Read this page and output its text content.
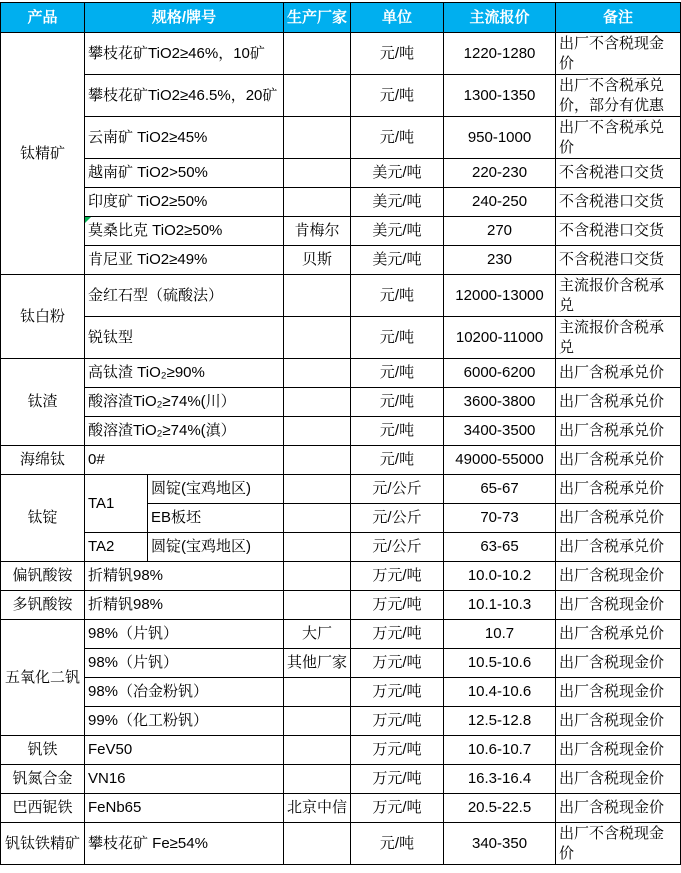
产品	规格/牌号		生产厂家	单位	主流报价	备注
钛精矿	攀枝花矿TiO2≥46%，10矿			元/吨	1220-1280	出厂不含税现金价
	攀枝花矿TiO2≥46.5%，20矿			元/吨	1300-1350	出厂不含税承兑价，部分有优惠
	云南矿 TiO2≥45%			元/吨	950-1000	出厂不含税承兑价
	越南矿 TiO2>50%			美元/吨	220-230	不含税港口交货
	印度矿 TiO2≥50%			美元/吨	240-250	不含税港口交货
	莫桑比克 TiO2≥50%		肯梅尔	美元/吨	270	不含税港口交货
	肯尼亚 TiO2≥49%		贝斯	美元/吨	230	不含税港口交货
钛白粉	金红石型（硫酸法）			元/吨	12000-13000	主流报价含税承兑
	锐钛型			元/吨	10200-11000	主流报价含税承兑
钛渣	高钛渣 TiO₂≥90%			元/吨	6000-6200	出厂含税承兑价
	酸溶渣TiO₂≥74%(川）			元/吨	3600-3800	出厂含税承兑价
	酸溶渣TiO₂≥74%(滇）			元/吨	3400-3500	出厂含税承兑价
海绵钛	0#			元/吨	49000-55000	出厂含税承兑价
钛锭	TA1	圆锭(宝鸡地区)		元/公斤	65-67	出厂含税承兑价
		EB板坯		元/公斤	70-73	出厂含税承兑价
	TA2	圆锭(宝鸡地区)		元/公斤	63-65	出厂含税承兑价
偏钒酸铵	折精钒98%			万元/吨	10.0-10.2	出厂含税现金价
多钒酸铵	折精钒98%			万元/吨	10.1-10.3	出厂含税现金价
五氧化二钒	98%（片钒）		大厂	万元/吨	10.7	出厂含税承兑价
	98%（片钒）		其他厂家	万元/吨	10.5-10.6	出厂含税现金价
	98%（冶金粉钒）			万元/吨	10.4-10.6	出厂含税现金价
	99%（化工粉钒）			万元/吨	12.5-12.8	出厂含税现金价
钒铁	FeV50			万元/吨	10.6-10.7	出厂含税现金价
钒氮合金	VN16			万元/吨	16.3-16.4	出厂含税现金价
巴西铌铁	FeNb65		北京中信	万元/吨	20.5-22.5	出厂含税现金价
钒钛铁精矿	攀枝花矿 Fe≥54%			元/吨	340-350	出厂不含税现金价
